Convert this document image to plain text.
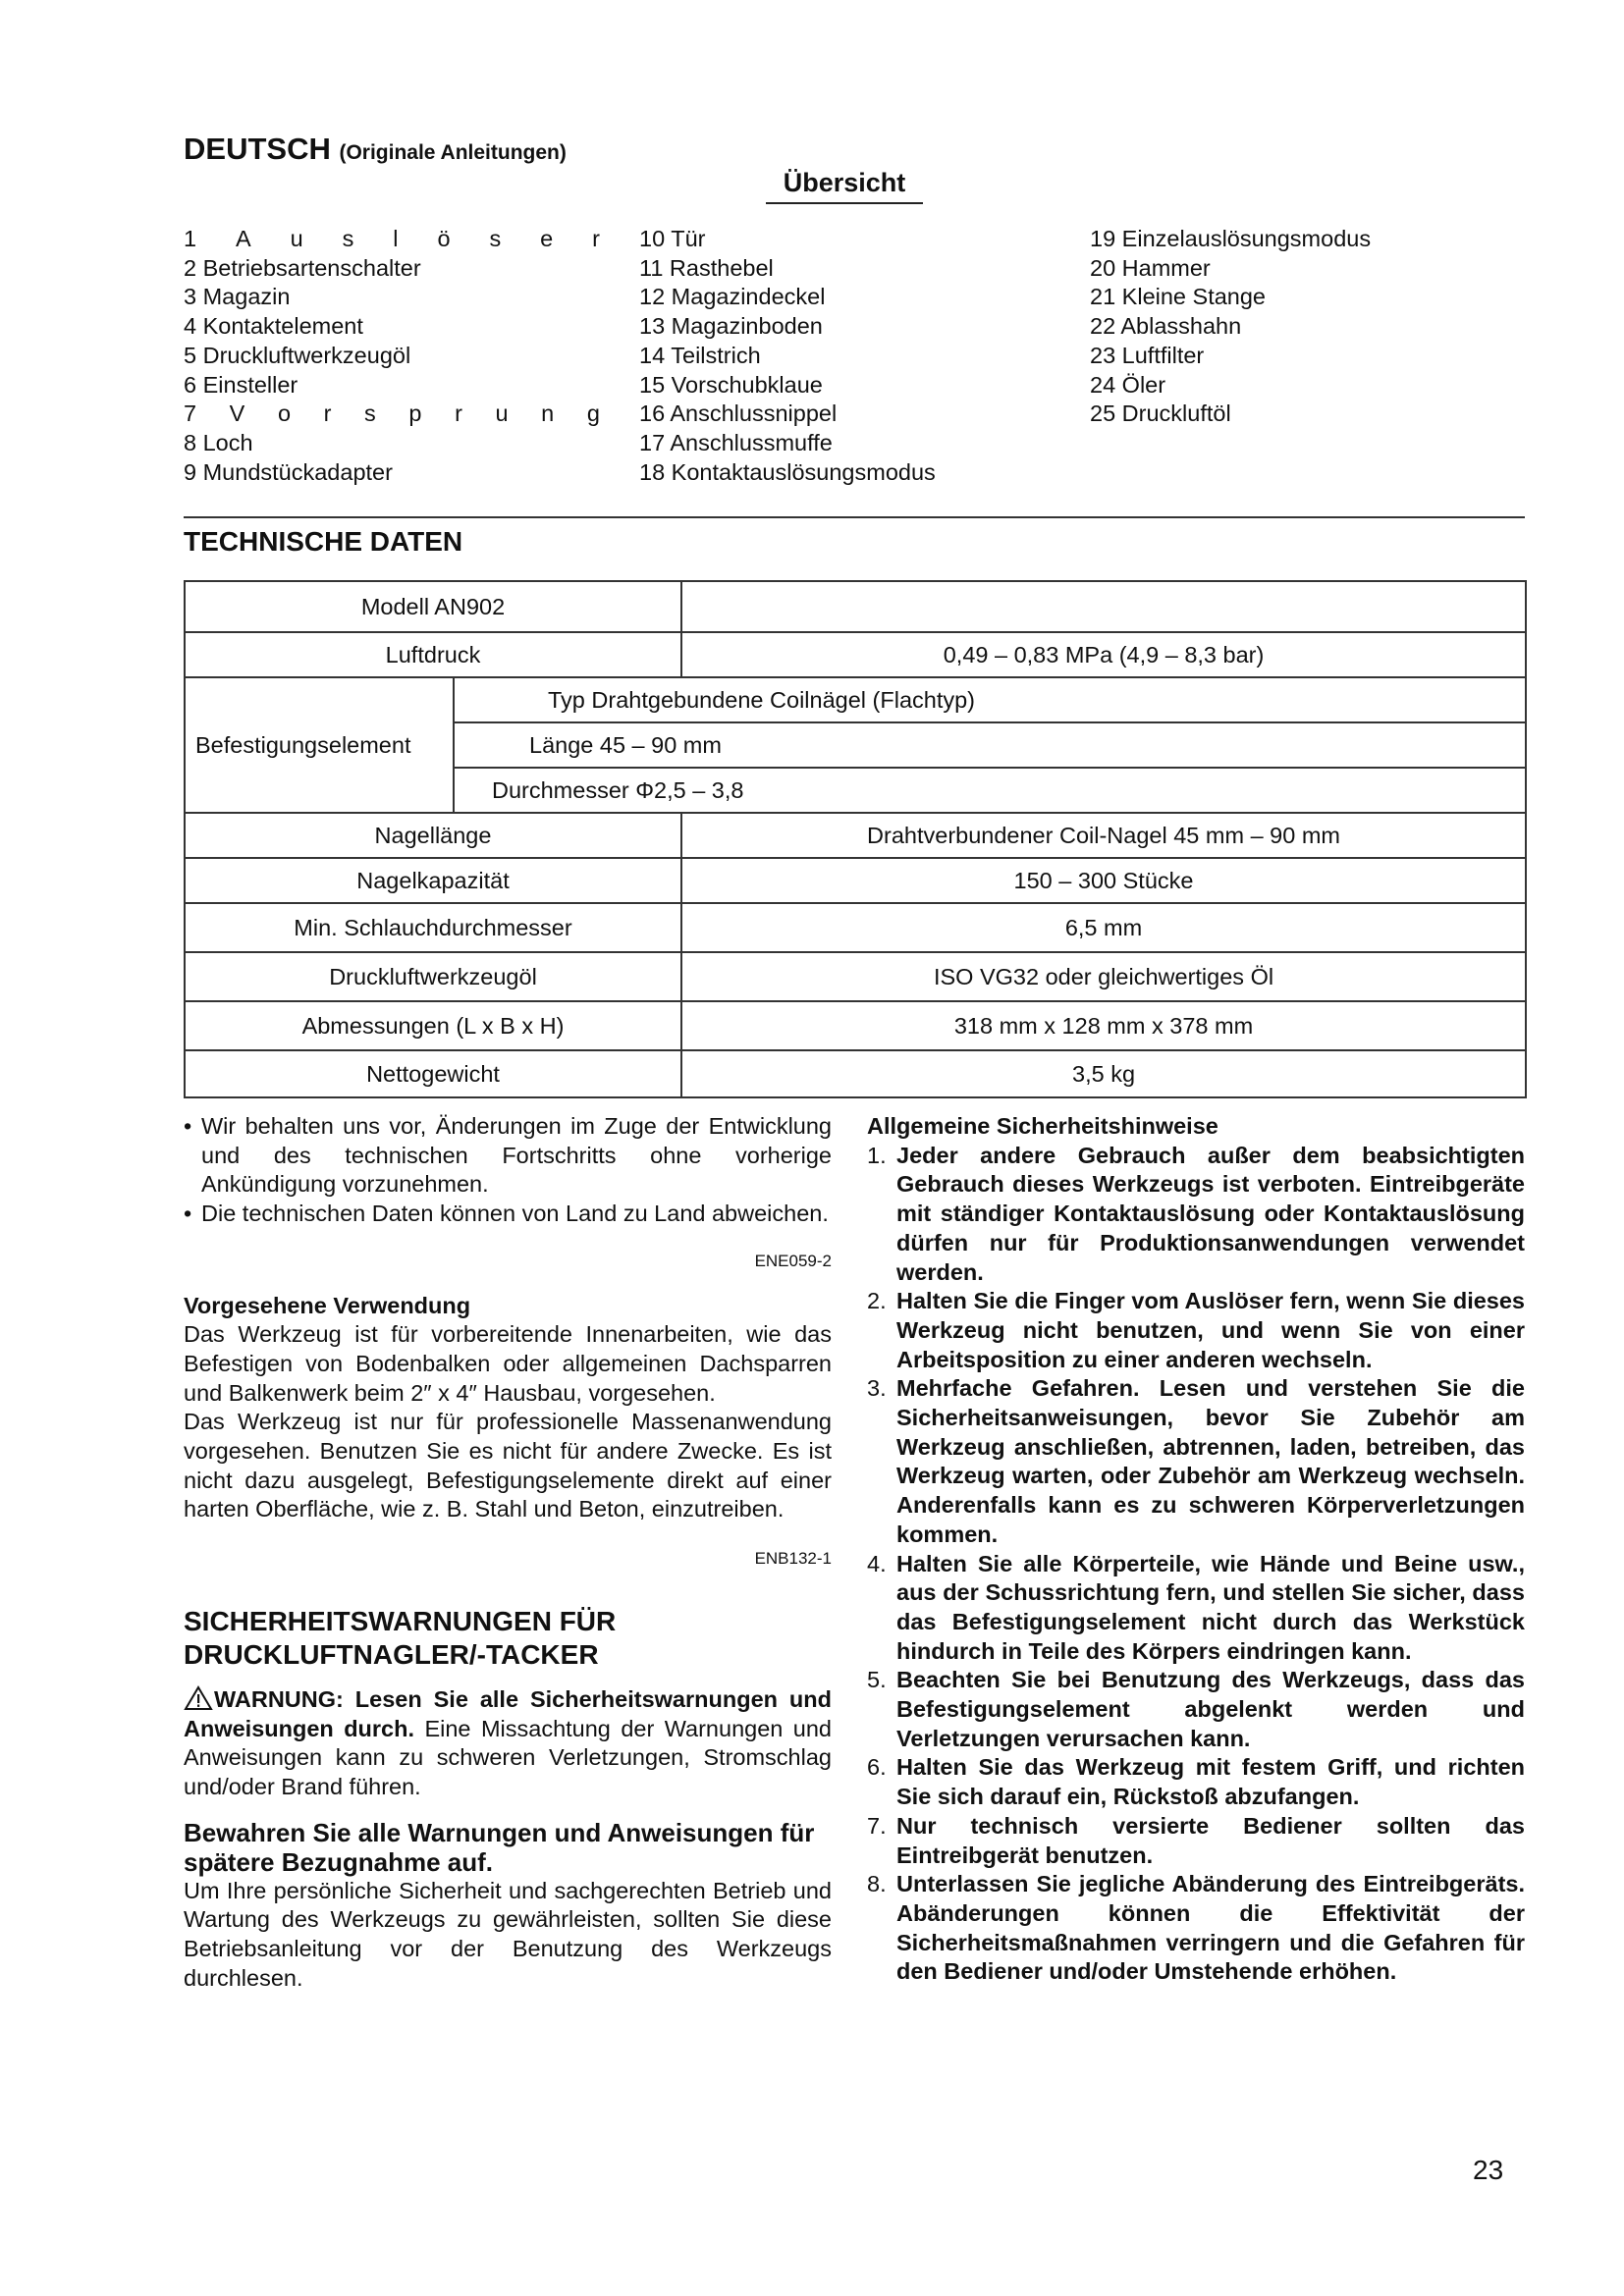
DEUTSCH (Originale Anleitungen)
Übersicht
1 A u s l ö s e r
2 Betriebsartenschalter
3 Magazin
4 Kontaktelement
5 Druckluftwerkzeugöl
6 Einsteller
7 V o r s p r u n g
8 Loch
9 Mundstückadapter
10 Tür
11 Rasthebel
12 Magazindeckel
13 Magazinboden
14 Teilstrich
15 Vorschubklaue
16 Anschlussnippel
17 Anschlussmuffe
18 Kontaktauslösungsmodus
19 Einzelauslösungsmodus
20 Hammer
21 Kleine Stange
22 Ablasshahn
23 Luftfilter
24 Öler
25 Druckluftöl
TECHNISCHE DATEN
Modell AN902		
Luftdruck		0,49 – 0,83 MPa (4,9 – 8,3 bar)
Befestigungselement	Typ Drahtgebundene Coilnägel (Flachtyp)	
	Länge 45 – 90 mm	
	Durchmesser Φ2,5 – 3,8	
Nagellänge		Drahtverbundener Coil-Nagel 45 mm – 90 mm
Nagelkapazität		150 – 300 Stücke
Min. Schlauchdurchmesser		6,5 mm
Druckluftwerkzeugöl		ISO VG32 oder gleichwertiges Öl
Abmessungen (L x B x H)		318 mm x 128 mm x 378 mm
Nettogewicht		3,5 kg
• Wir behalten uns vor, Änderungen im Zuge der Entwicklung und des technischen Fortschritts ohne vorherige Ankündigung vorzunehmen.
• Die technischen Daten können von Land zu Land abweichen.
ENE059-2
Vorgesehene Verwendung
Das Werkzeug ist für vorbereitende Innenarbeiten, wie das Befestigen von Bodenbalken oder allgemeinen Dachsparren und Balkenwerk beim 2″ x 4″ Hausbau, vorgesehen.
Das Werkzeug ist nur für professionelle Massenanwendung vorgesehen. Benutzen Sie es nicht für andere Zwecke. Es ist nicht dazu ausgelegt, Befestigungselemente direkt auf einer harten Oberfläche, wie z. B. Stahl und Beton, einzutreiben.
ENB132-1
SICHERHEITSWARNUNGEN FÜR
DRUCKLUFTNAGLER/-TACKER
WARNUNG: Lesen Sie alle Sicherheitswarnungen und Anweisungen durch. Eine Missachtung der Warnungen und Anweisungen kann zu schweren Verletzungen, Stromschlag und/oder Brand führen.
Bewahren Sie alle Warnungen und Anweisungen für spätere Bezugnahme auf.
Um Ihre persönliche Sicherheit und sachgerechten Betrieb und Wartung des Werkzeugs zu gewährleisten, sollten Sie diese Betriebsanleitung vor der Benutzung des Werkzeugs durchlesen.
Allgemeine Sicherheitshinweise
1. Jeder andere Gebrauch außer dem beabsichtigten Gebrauch dieses Werkzeugs ist verboten. Eintreibgeräte mit ständiger Kontaktauslösung oder Kontaktauslösung dürfen nur für Produktionsanwendungen verwendet werden.
2. Halten Sie die Finger vom Auslöser fern, wenn Sie dieses Werkzeug nicht benutzen, und wenn Sie von einer Arbeitsposition zu einer anderen wechseln.
3. Mehrfache Gefahren. Lesen und verstehen Sie die Sicherheitsanweisungen, bevor Sie Zubehör am Werkzeug anschließen, abtrennen, laden, betreiben, das Werkzeug warten, oder Zubehör am Werkzeug wechseln. Anderenfalls kann es zu schweren Körperverletzungen kommen.
4. Halten Sie alle Körperteile, wie Hände und Beine usw., aus der Schussrichtung fern, und stellen Sie sicher, dass das Befestigungselement nicht durch das Werkstück hindurch in Teile des Körpers eindringen kann.
5. Beachten Sie bei Benutzung des Werkzeugs, dass das Befestigungselement abgelenkt werden und Verletzungen verursachen kann.
6. Halten Sie das Werkzeug mit festem Griff, und richten Sie sich darauf ein, Rückstoß abzufangen.
7. Nur technisch versierte Bediener sollten das Eintreibgerät benutzen.
8. Unterlassen Sie jegliche Abänderung des Eintreibgeräts. Abänderungen können die Effektivität der Sicherheitsmaßnahmen verringern und die Gefahren für den Bediener und/oder Umstehende erhöhen.
23
